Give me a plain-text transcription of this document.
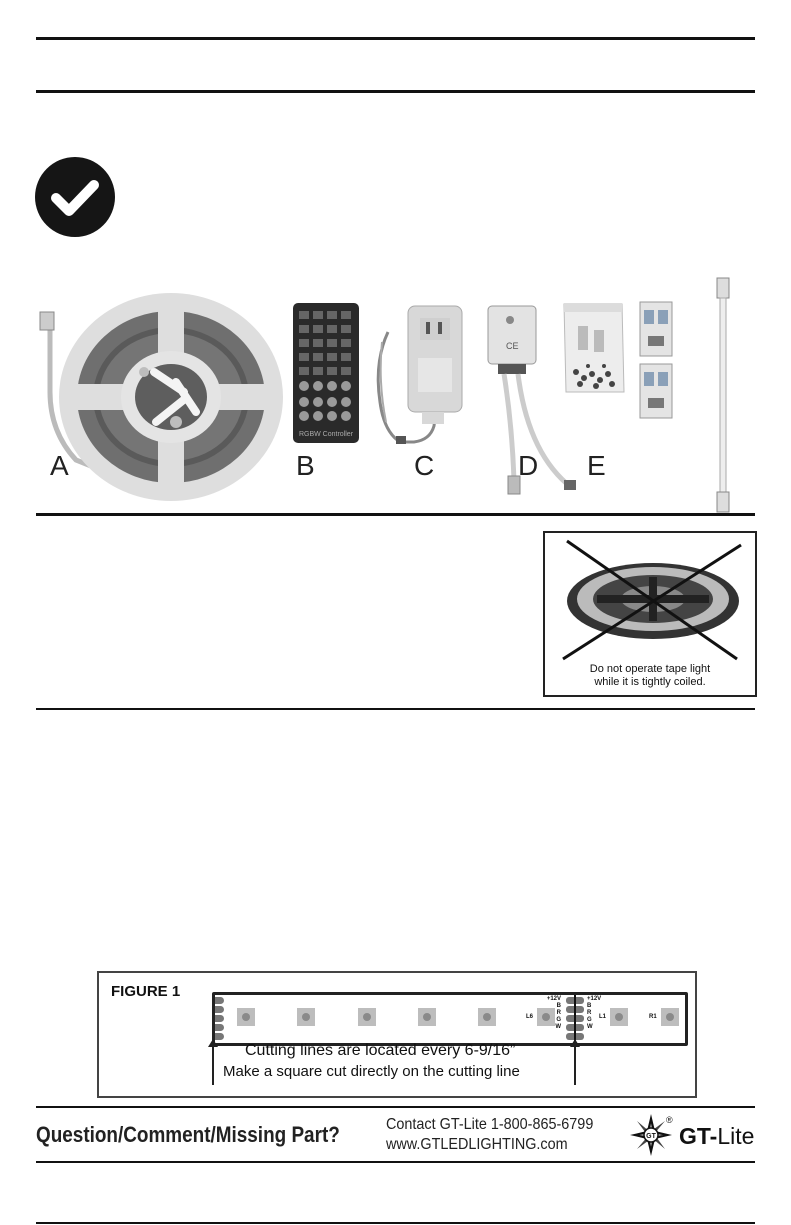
RGBW Controller
CE
A	B	C	D E
Do not operate tape light
while it is tightly coiled.
FIGURE 1
L6
+12V
B
R
G
W
+12V
B
R
G
W
L1	R1
Cutting lines are located every 6-9/16”
Make a square cut directly on the cutting line
Question/Comment/Missing Part?	Contact GT-Lite 1-800-865-6799
www.GTLEDLIGHTING.com	GT
®
GT-Lite
